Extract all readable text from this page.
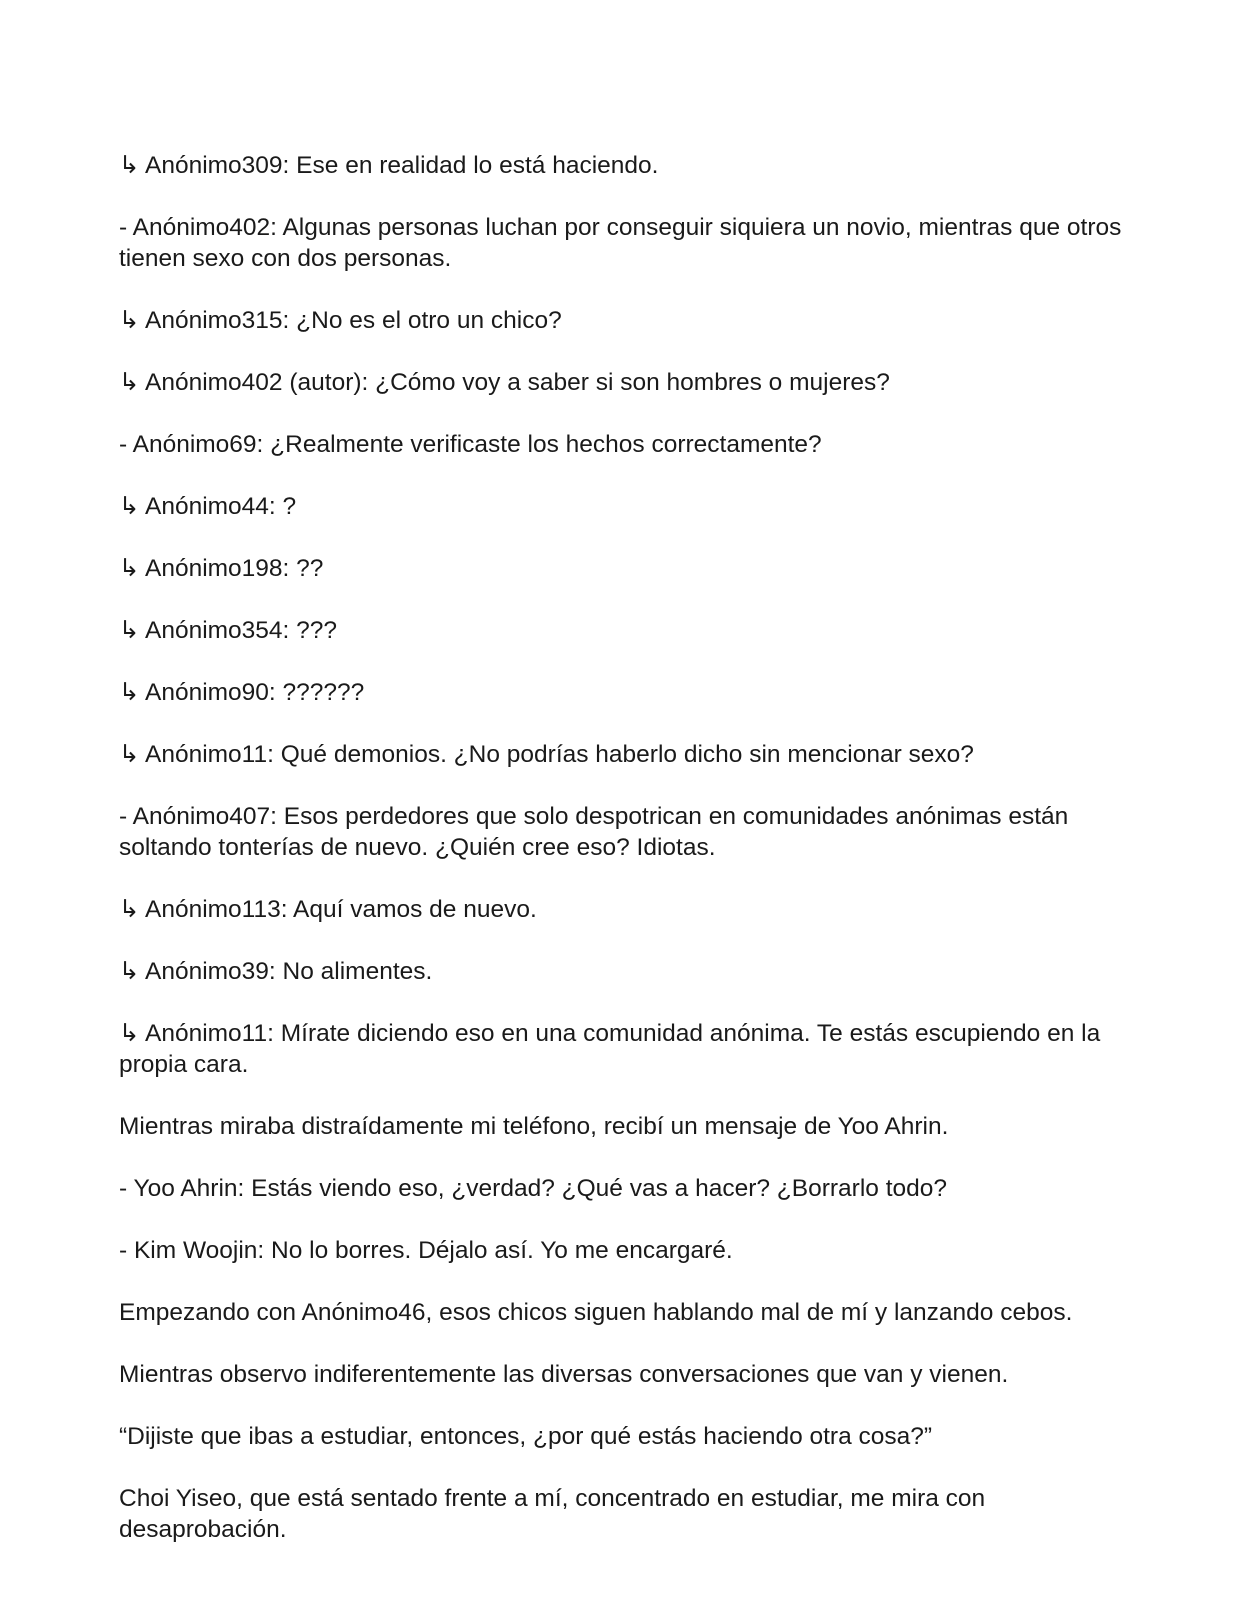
↳ Anónimo309: Ese en realidad lo está haciendo.

- Anónimo402: Algunas personas luchan por conseguir siquiera un novio, mientras que otros tienen sexo con dos personas.

↳ Anónimo315: ¿No es el otro un chico?

↳ Anónimo402 (autor): ¿Cómo voy a saber si son hombres o mujeres?

- Anónimo69: ¿Realmente verificaste los hechos correctamente?

↳ Anónimo44: ?

↳ Anónimo198: ??

↳ Anónimo354: ???

↳ Anónimo90: ??????

↳ Anónimo11: Qué demonios. ¿No podrías haberlo dicho sin mencionar sexo?

- Anónimo407: Esos perdedores que solo despotrican en comunidades anónimas están soltando tonterías de nuevo. ¿Quién cree eso? Idiotas.

↳ Anónimo113: Aquí vamos de nuevo.

↳ Anónimo39: No alimentes.

↳ Anónimo11: Mírate diciendo eso en una comunidad anónima. Te estás escupiendo en la propia cara.

Mientras miraba distraídamente mi teléfono, recibí un mensaje de Yoo Ahrin.

- Yoo Ahrin: Estás viendo eso, ¿verdad? ¿Qué vas a hacer? ¿Borrarlo todo?

- Kim Woojin: No lo borres. Déjalo así. Yo me encargaré.

Empezando con Anónimo46, esos chicos siguen hablando mal de mí y lanzando cebos.

Mientras observo indiferentemente las diversas conversaciones que van y vienen.

“Dijiste que ibas a estudiar, entonces, ¿por qué estás haciendo otra cosa?”

Choi Yiseo, que está sentado frente a mí, concentrado en estudiar, me mira con desaprobación.
